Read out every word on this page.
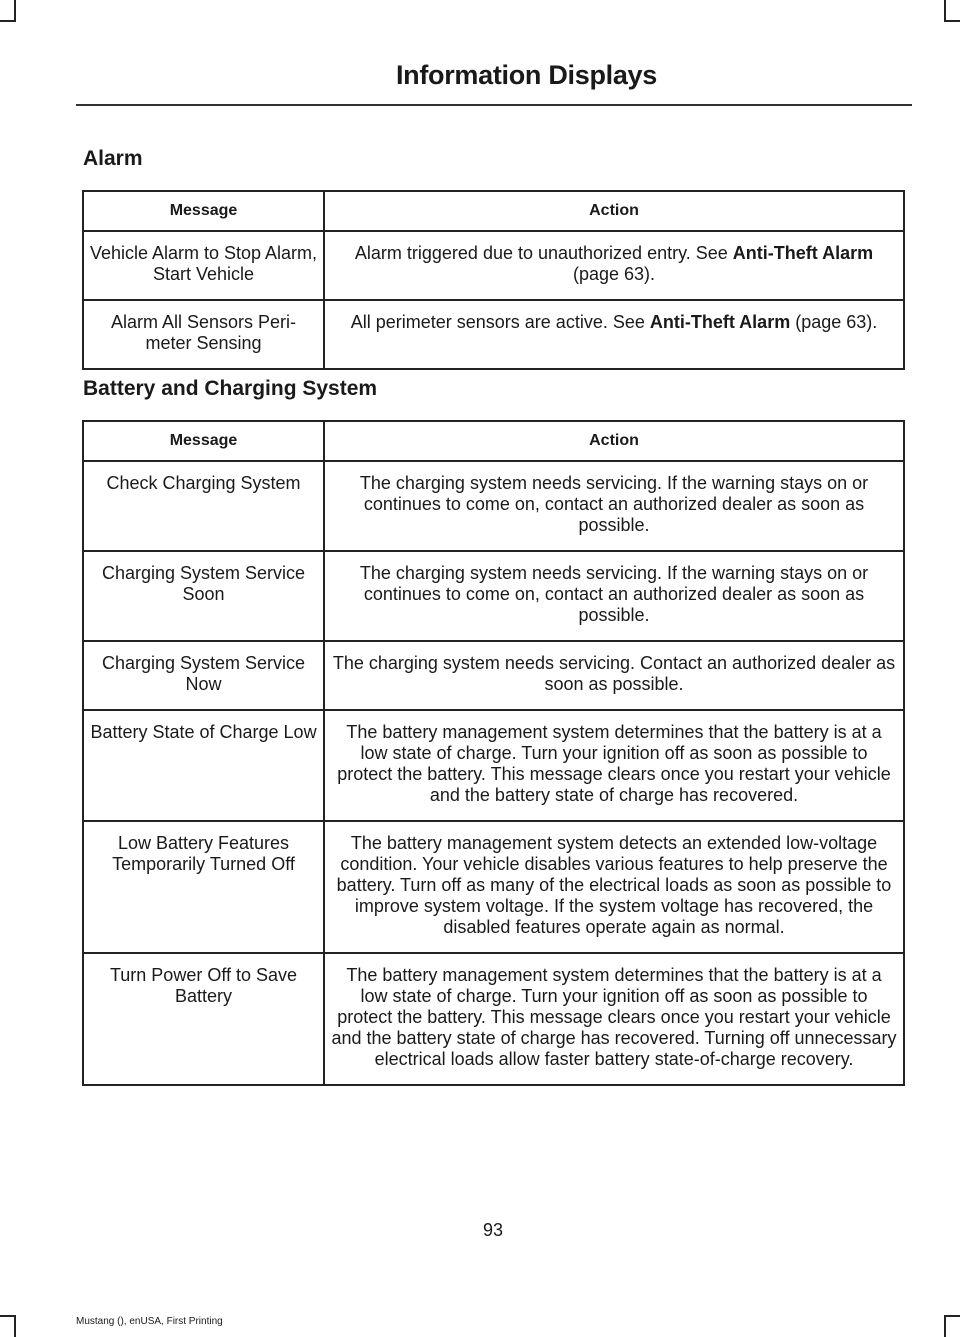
Information Displays
Alarm
Message	Action
Vehicle Alarm to Stop Alarm, Start Vehicle	Alarm triggered due to unauthorized entry. See Anti-Theft Alarm (page 63).
Alarm All Sensors Peri-meter Sensing	All perimeter sensors are active. See Anti-Theft Alarm (page 63).
Battery and Charging System
Message	Action
Check Charging System	The charging system needs servicing. If the warning stays on or continues to come on, contact an authorized dealer as soon as possible.
Charging System Service Soon	The charging system needs servicing. If the warning stays on or continues to come on, contact an authorized dealer as soon as possible.
Charging System Service Now	The charging system needs servicing. Contact an authorized dealer as soon as possible.
Battery State of Charge Low	The battery management system determines that the battery is at a low state of charge. Turn your ignition off as soon as possible to protect the battery. This message clears once you restart your vehicle and the battery state of charge has recovered.
Low Battery Features Temporarily Turned Off	The battery management system detects an extended low-voltage condition. Your vehicle disables various features to help preserve the battery. Turn off as many of the electrical loads as soon as possible to improve system voltage. If the system voltage has recovered, the disabled features operate again as normal.
Turn Power Off to Save Battery	The battery management system determines that the battery is at a low state of charge. Turn your ignition off as soon as possible to protect the battery. This message clears once you restart your vehicle and the battery state of charge has recovered. Turning off unnecessary electrical loads allow faster battery state-of-charge recovery.
93
Mustang (), enUSA, First Printing
